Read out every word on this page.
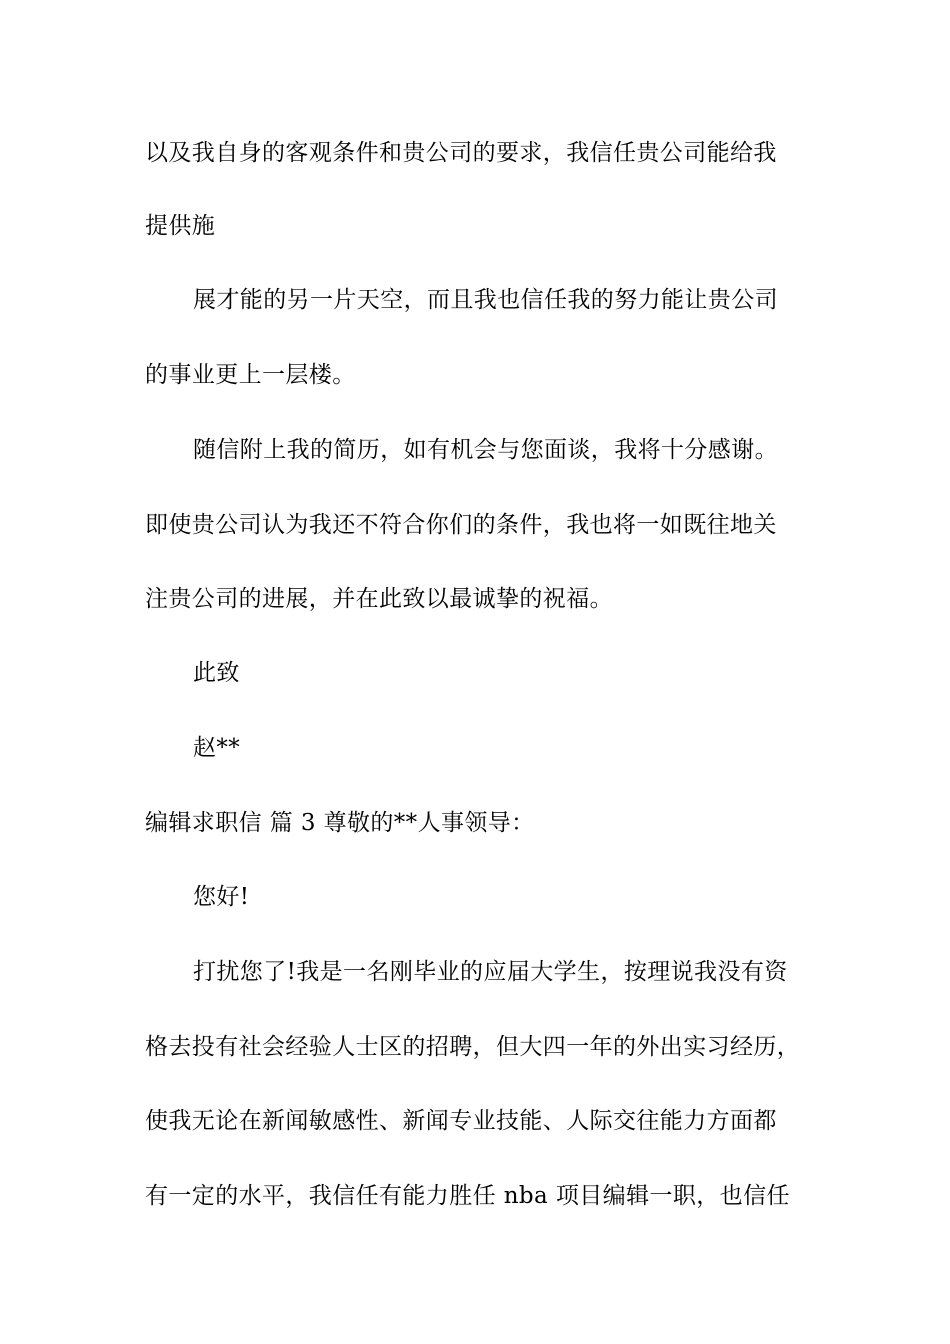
以及我自身的客观条件和贵公司的要求，我信任贵公司能给我
提供施
展才能的另一片天空，而且我也信任我的努力能让贵公司
的事业更上一层楼。
随信附上我的简历，如有机会与您面谈，我将十分感谢。
即使贵公司认为我还不符合你们的条件，我也将一如既往地关
注贵公司的进展，并在此致以最诚挚的祝福。
此致
赵**
编辑求职信 篇 3 尊敬的**人事领导：
您好!
打扰您了!我是一名刚毕业的应届大学生，按理说我没有资
格去投有社会经验人士区的招聘，但大四一年的外出实习经历，
使我无论在新闻敏感性、新闻专业技能、人际交往能力方面都
有一定的水平，我信任有能力胜任 nba 项目编辑一职，也信任
